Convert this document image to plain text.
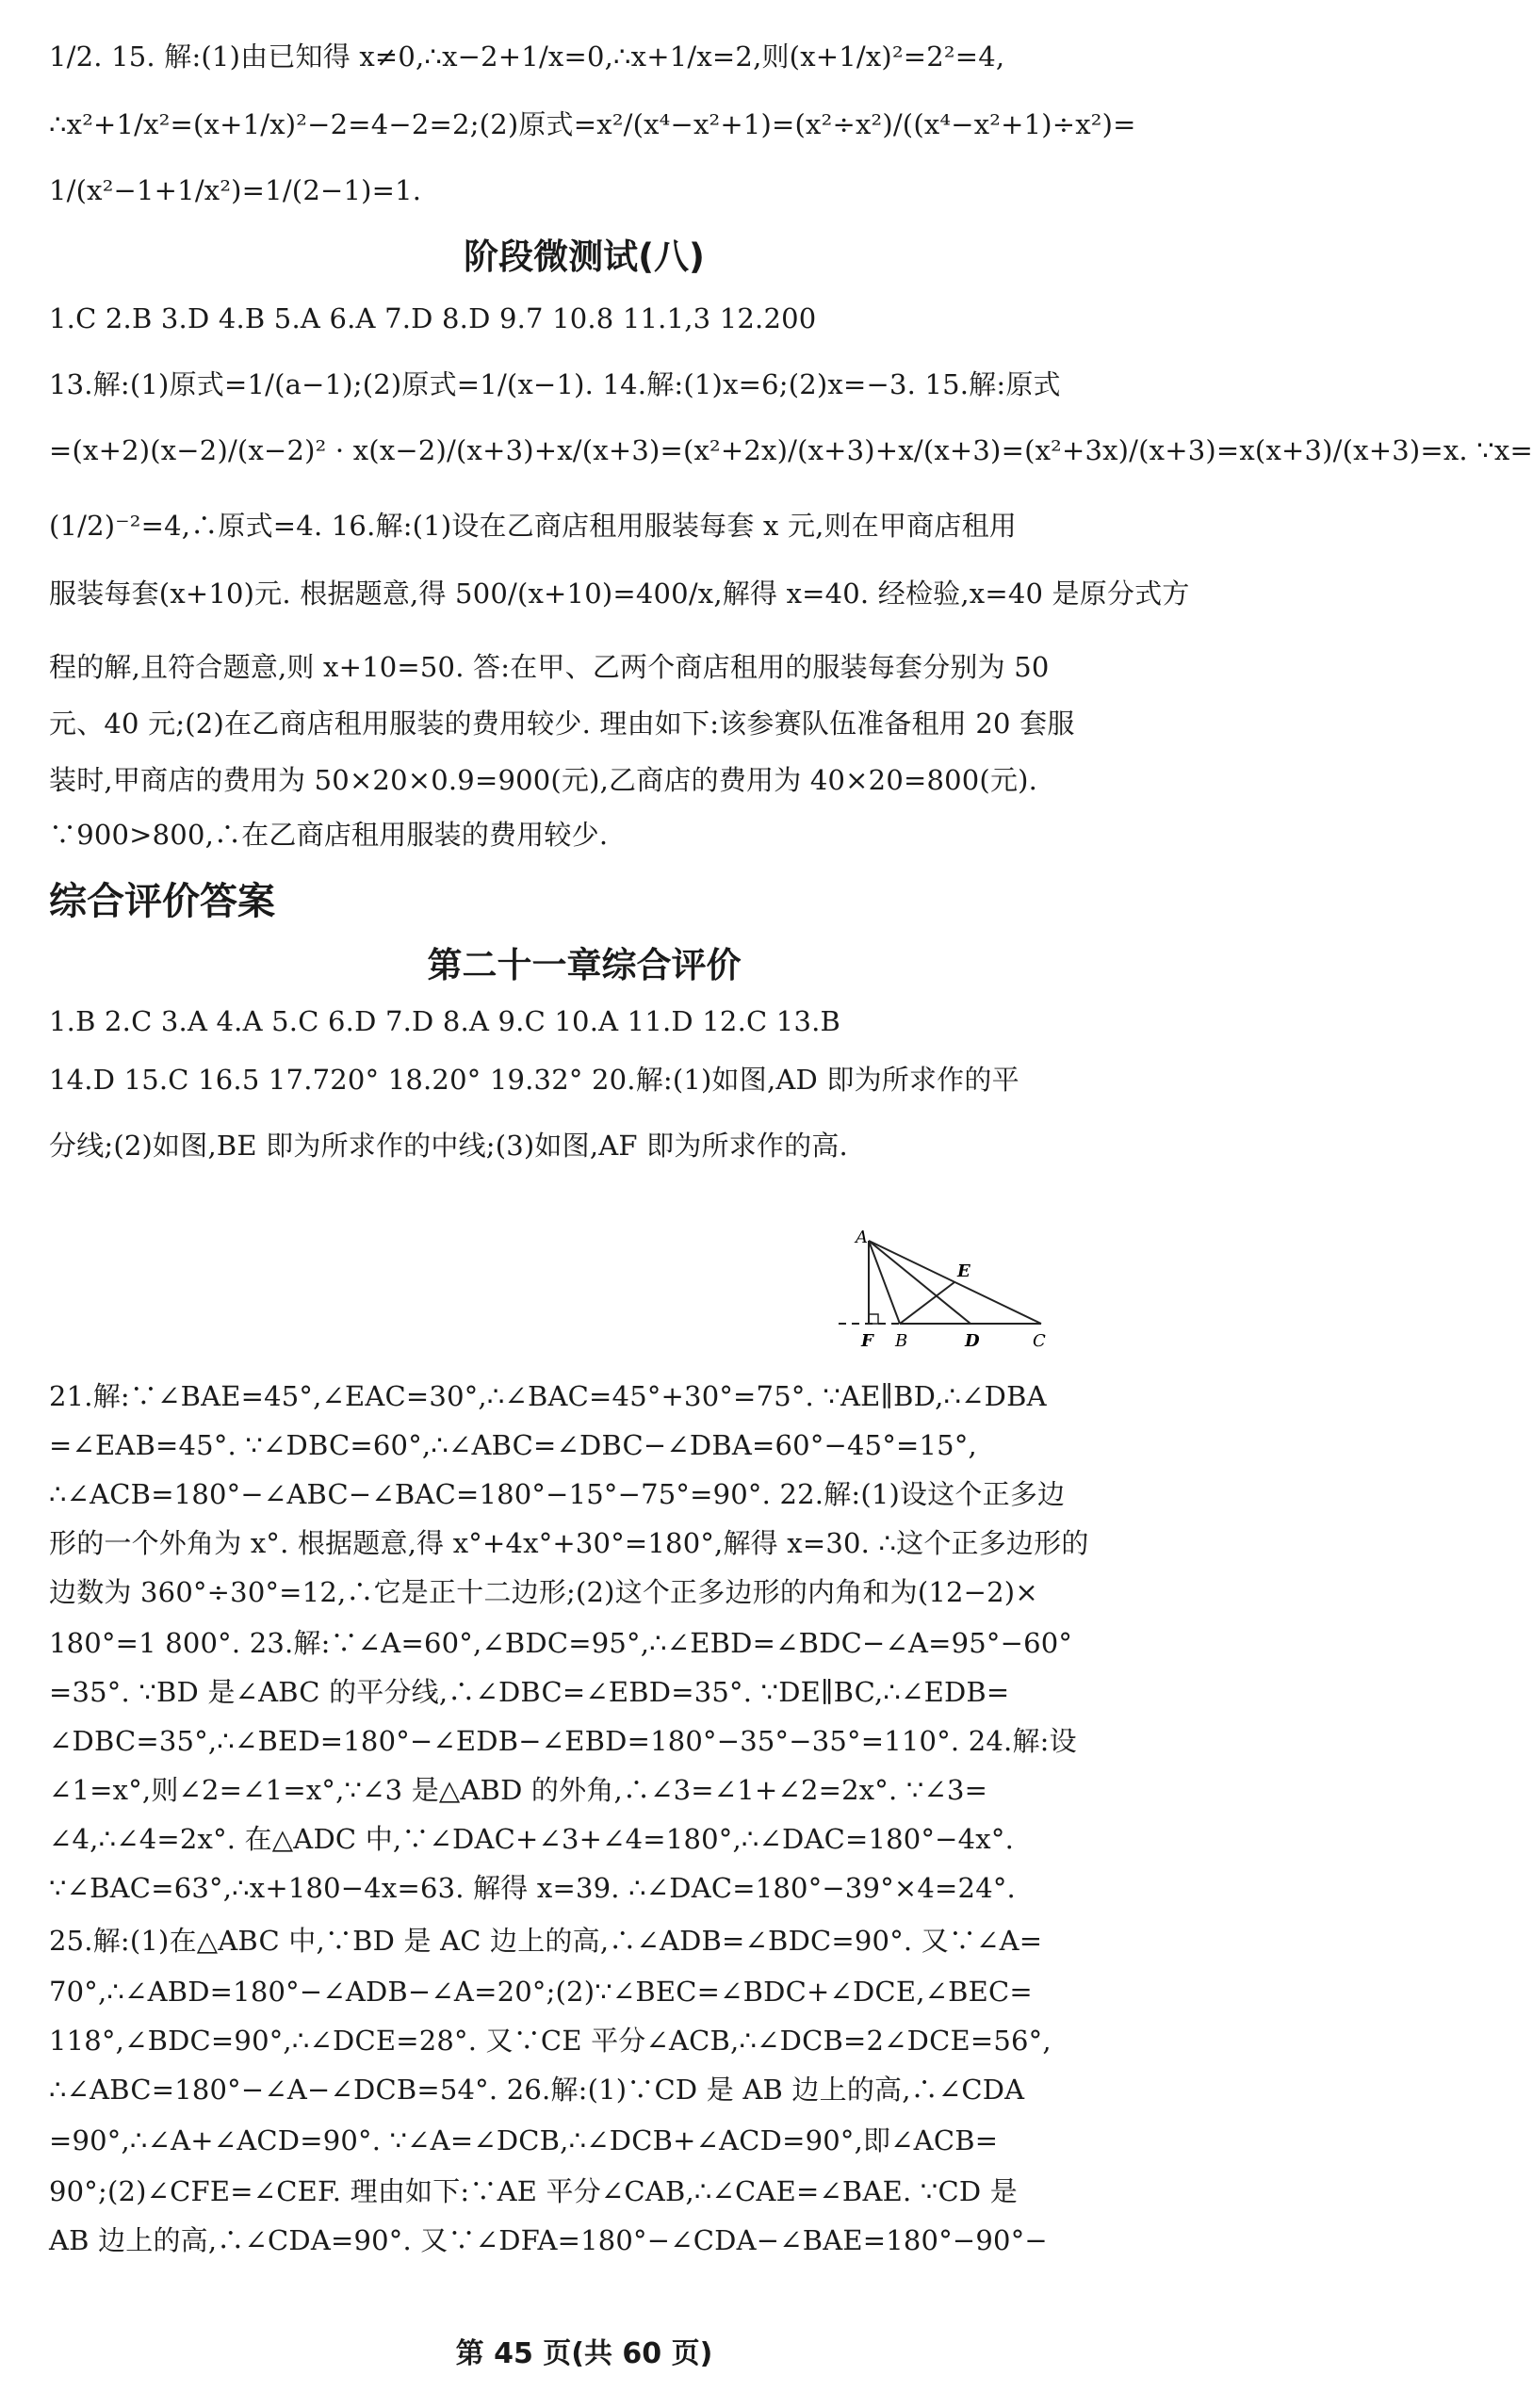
1/2. 15. 解:(1)由已知得 x≠0,∴x−2+1/x=0,∴x+1/x=2,则(x+1/x)²=2²=4,
∴x²+1/x²=(x+1/x)²−2=4−2=2;(2)原式=x²/(x⁴−x²+1)=(x²÷x²)/((x⁴−x²+1)÷x²)=
1/(x²−1+1/x²)=1/(2−1)=1.
阶段微测试(八)
1.C 2.B 3.D 4.B 5.A 6.A 7.D 8.D 9.7 10.8 11.1,3 12.200
13.解:(1)原式=1/(a−1);(2)原式=1/(x−1). 14.解:(1)x=6;(2)x=−3. 15.解:原式
=(x+2)(x−2)/(x−2)² · x(x−2)/(x+3)+x/(x+3)=(x²+2x)/(x+3)+x/(x+3)=(x²+3x)/(x+3)=x(x+3)/(x+3)=x. ∵x=
(1/2)⁻²=4,∴原式=4. 16.解:(1)设在乙商店租用服装每套 x 元,则在甲商店租用
服装每套(x+10)元. 根据题意,得 500/(x+10)=400/x,解得 x=40. 经检验,x=40 是原分式方
程的解,且符合题意,则 x+10=50. 答:在甲、乙两个商店租用的服装每套分别为 50
元、40 元;(2)在乙商店租用服装的费用较少. 理由如下:该参赛队伍准备租用 20 套服
装时,甲商店的费用为 50×20×0.9=900(元),乙商店的费用为 40×20=800(元).
∵900>800,∴在乙商店租用服装的费用较少.
综合评价答案
第二十一章综合评价
1.B 2.C 3.A 4.A 5.C 6.D 7.D 8.A 9.C 10.A 11.D 12.C 13.B
14.D 15.C 16.5 17.720° 18.20° 19.32° 20.解:(1)如图,AD 即为所求作的平
分线;(2)如图,BE 即为所求作的中线;(3)如图,AF 即为所求作的高.
A
E
F B	D	C
21.解:∵∠BAE=45°,∠EAC=30°,∴∠BAC=45°+30°=75°. ∵AE∥BD,∴∠DBA
=∠EAB=45°. ∵∠DBC=60°,∴∠ABC=∠DBC−∠DBA=60°−45°=15°,
∴∠ACB=180°−∠ABC−∠BAC=180°−15°−75°=90°. 22.解:(1)设这个正多边
形的一个外角为 x°. 根据题意,得 x°+4x°+30°=180°,解得 x=30. ∴这个正多边形的
边数为 360°÷30°=12,∴它是正十二边形;(2)这个正多边形的内角和为(12−2)×
180°=1 800°. 23.解:∵∠A=60°,∠BDC=95°,∴∠EBD=∠BDC−∠A=95°−60°
=35°. ∵BD 是∠ABC 的平分线,∴∠DBC=∠EBD=35°. ∵DE∥BC,∴∠EDB=
∠DBC=35°,∴∠BED=180°−∠EDB−∠EBD=180°−35°−35°=110°. 24.解:设
∠1=x°,则∠2=∠1=x°,∵∠3 是△ABD 的外角,∴∠3=∠1+∠2=2x°. ∵∠3=
∠4,∴∠4=2x°. 在△ADC 中,∵∠DAC+∠3+∠4=180°,∴∠DAC=180°−4x°.
∵∠BAC=63°,∴x+180−4x=63. 解得 x=39. ∴∠DAC=180°−39°×4=24°.
25.解:(1)在△ABC 中,∵BD 是 AC 边上的高,∴∠ADB=∠BDC=90°. 又∵∠A=
70°,∴∠ABD=180°−∠ADB−∠A=20°;(2)∵∠BEC=∠BDC+∠DCE,∠BEC=
118°,∠BDC=90°,∴∠DCE=28°. 又∵CE 平分∠ACB,∴∠DCB=2∠DCE=56°,
∴∠ABC=180°−∠A−∠DCB=54°. 26.解:(1)∵CD 是 AB 边上的高,∴∠CDA
=90°,∴∠A+∠ACD=90°. ∵∠A=∠DCB,∴∠DCB+∠ACD=90°,即∠ACB=
90°;(2)∠CFE=∠CEF. 理由如下:∵AE 平分∠CAB,∴∠CAE=∠BAE. ∵CD 是
AB 边上的高,∴∠CDA=90°. 又∵∠DFA=180°−∠CDA−∠BAE=180°−90°−
第 45 页(共 60 页)
